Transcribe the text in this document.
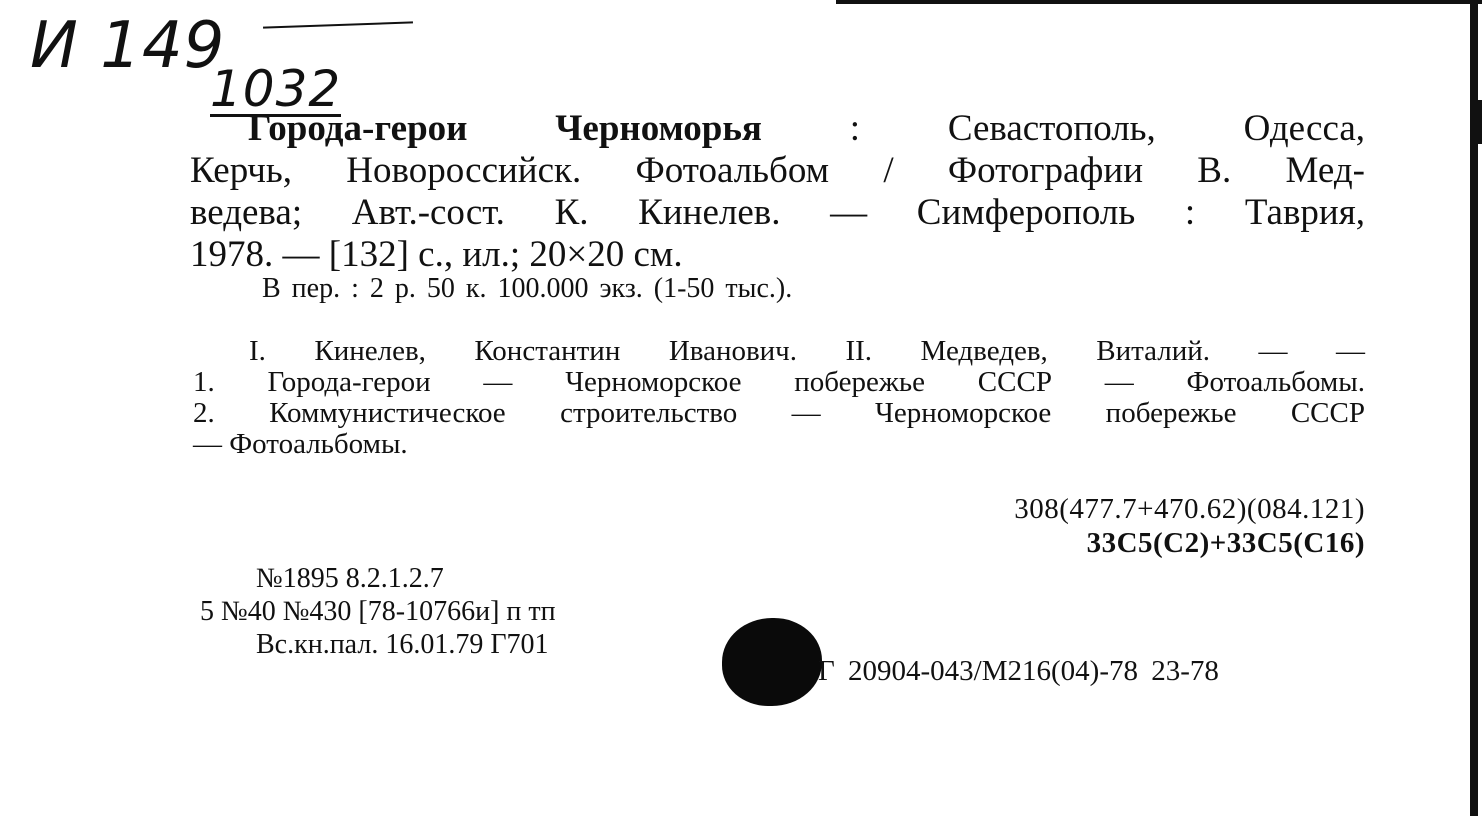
И 149
1032
Города-герои Черноморья : Севастополь, Одесса,
Керчь, Новороссийск. Фотоальбом / Фотографии В. Мед-
ведева; Авт.-сост. К. Кинелев. — Симферополь : Таврия,
1978. — [132] с., ил.; 20×20 см.
В пер. : 2 р. 50 к. 100.000 экз. (1-50 тыс.).
I. Кинелев, Константин Иванович. II. Медведев, Виталий. — —
1. Города-герои — Черноморское побережье СССР — Фотоальбомы.
2. Коммунистическое строительство — Черноморское побережье СССР
— Фотоальбомы.
308(477.7+470.62)(084.121)
33С5(С2)+33С5(С16)
№1895 8.2.1.2.7
5 №40 №430 [78-10766и] п тп
Вс.кн.пал. 16.01.79 Г701
Г 20904-043/М216(04)-78 23-78
